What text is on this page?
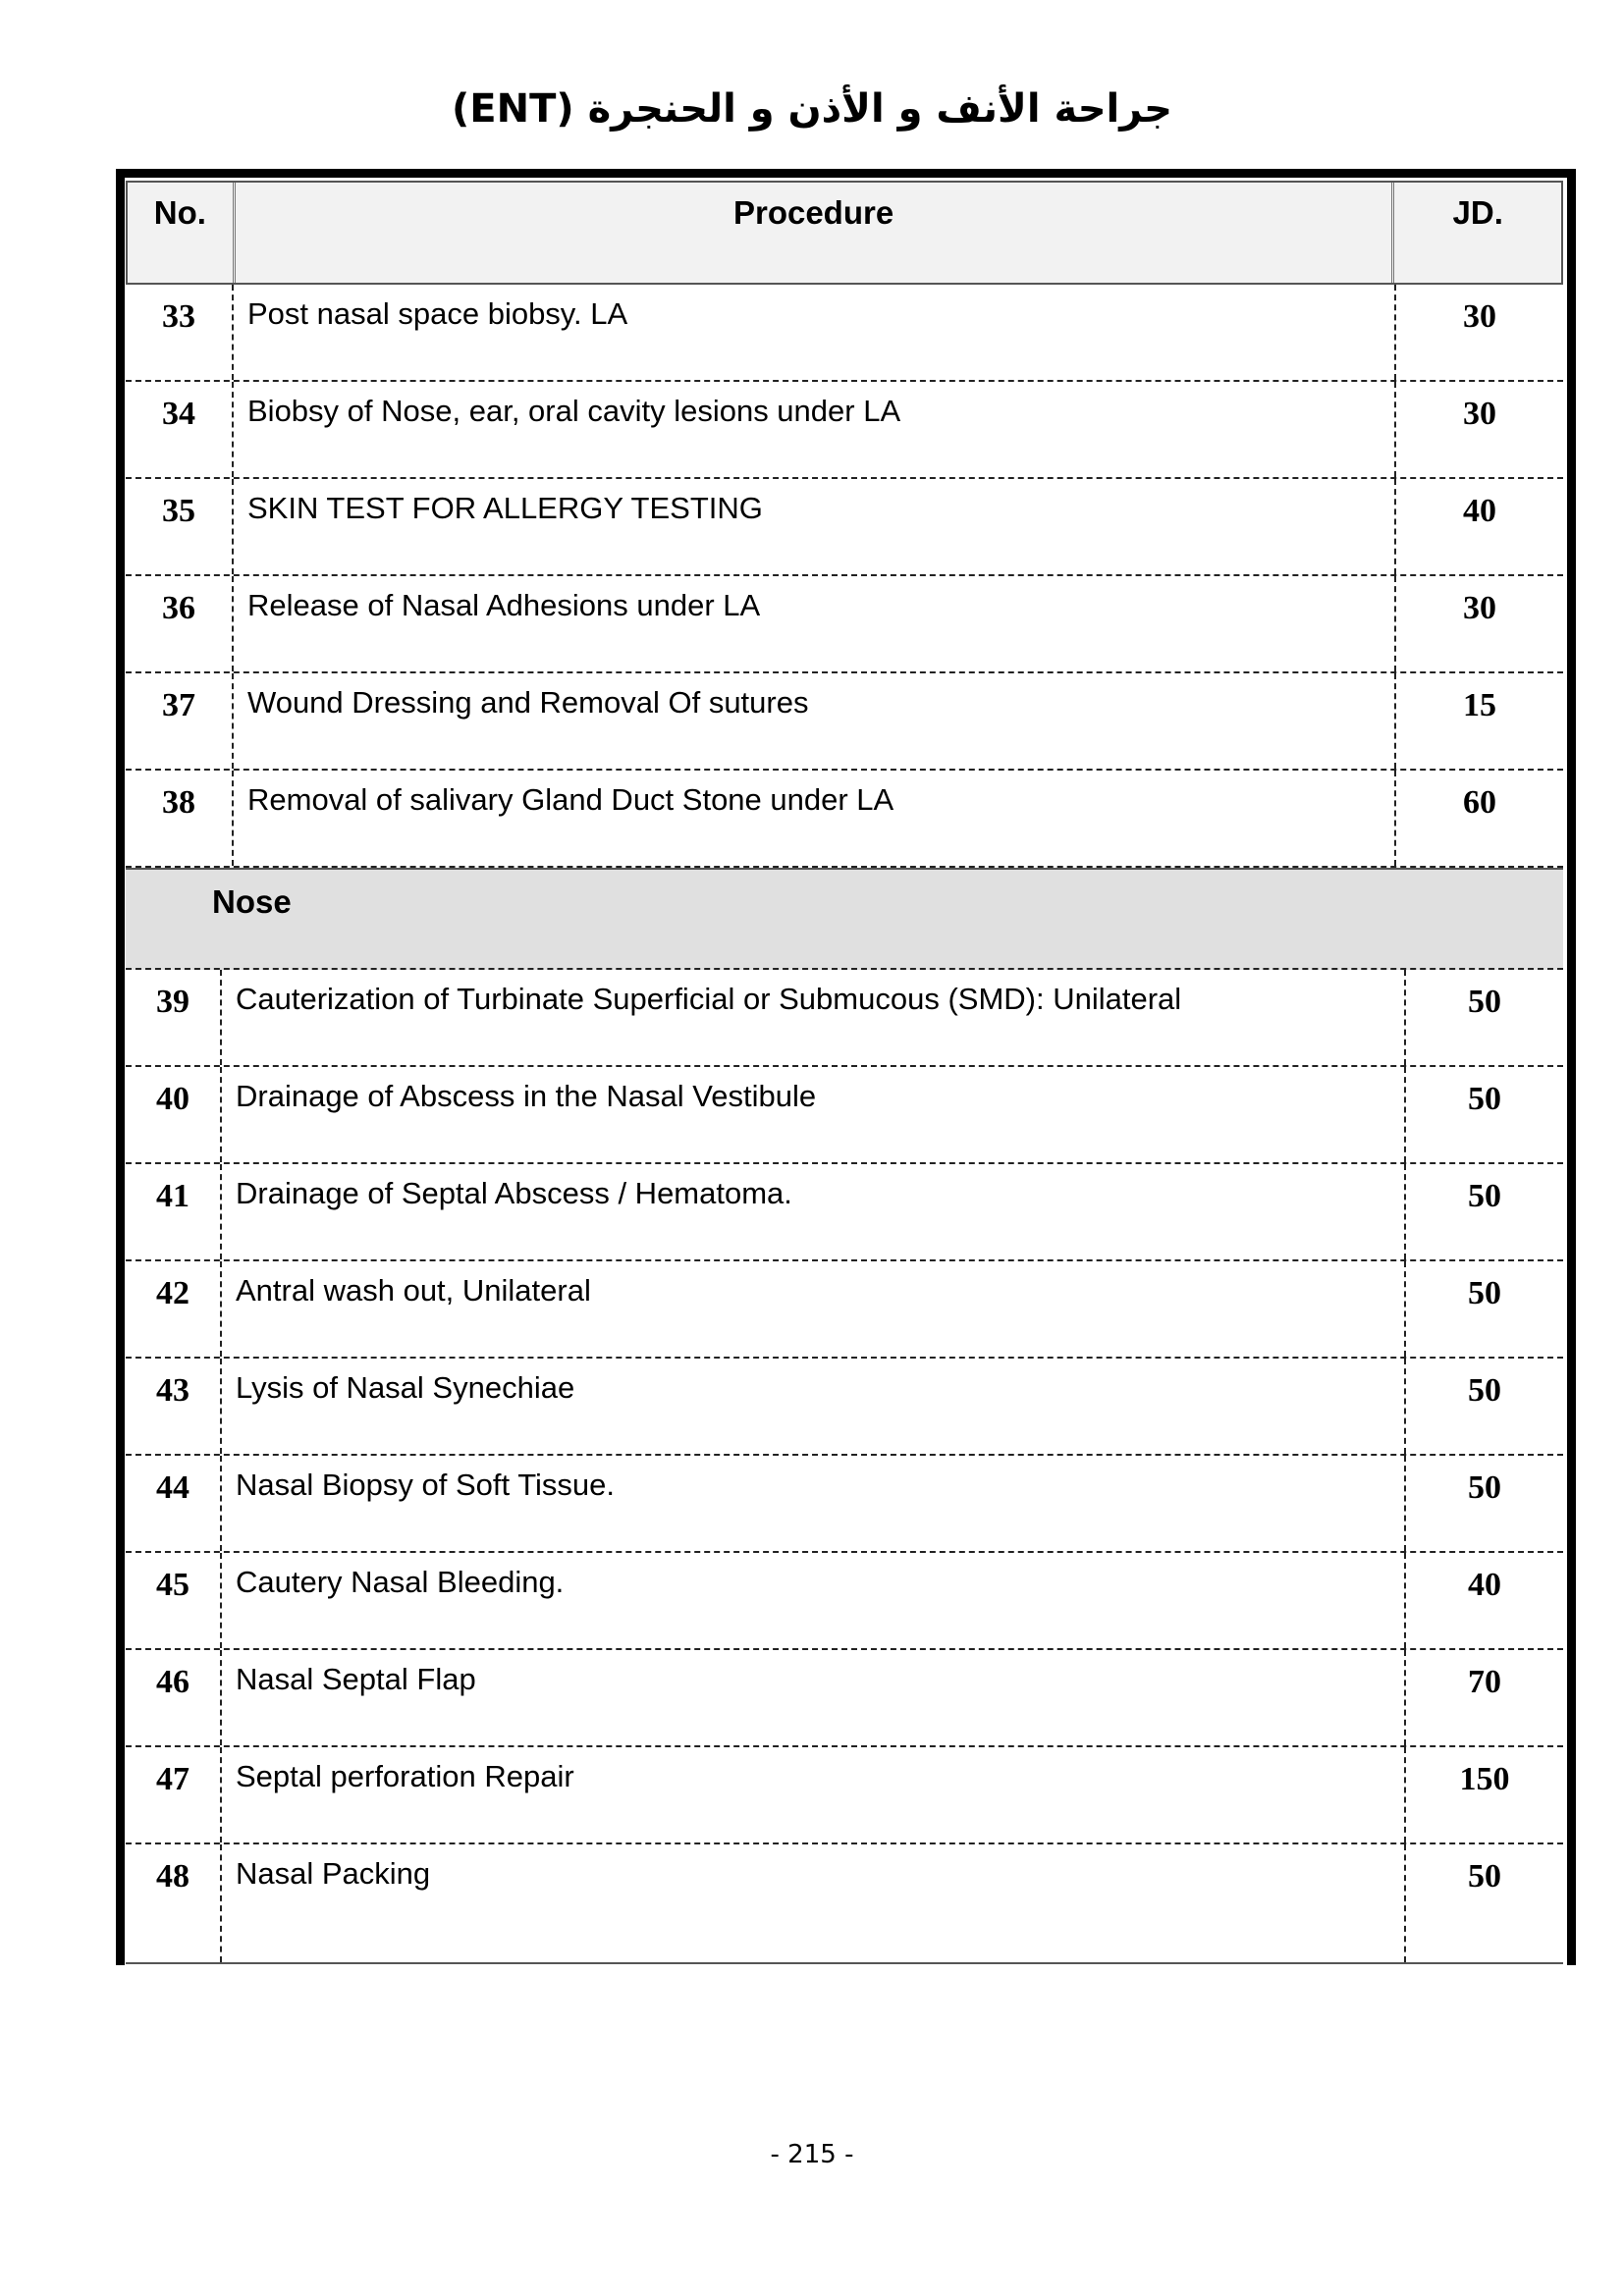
جراحة الأنف و الأذن و الحنجرة (ENT)
No.	Procedure	JD.
33	Post nasal space biobsy. LA	30
34	Biobsy of Nose, ear, oral cavity lesions under LA	30
35	SKIN TEST FOR ALLERGY TESTING	40
36	Release of Nasal Adhesions under LA	30
37	Wound Dressing and Removal Of sutures	15
38	Removal of salivary Gland Duct Stone under LA	60
Nose
39	Cauterization of Turbinate Superficial or Submucous (SMD): Unilateral	50
40	Drainage of Abscess in the Nasal Vestibule	50
41	Drainage of Septal Abscess / Hematoma.	50
42	Antral wash out, Unilateral	50
43	Lysis of Nasal Synechiae	50
44	Nasal Biopsy of Soft Tissue.	50
45	Cautery Nasal Bleeding.	40
46	Nasal Septal Flap	70
47	Septal perforation Repair	150
48	Nasal Packing	50
- 215 -
